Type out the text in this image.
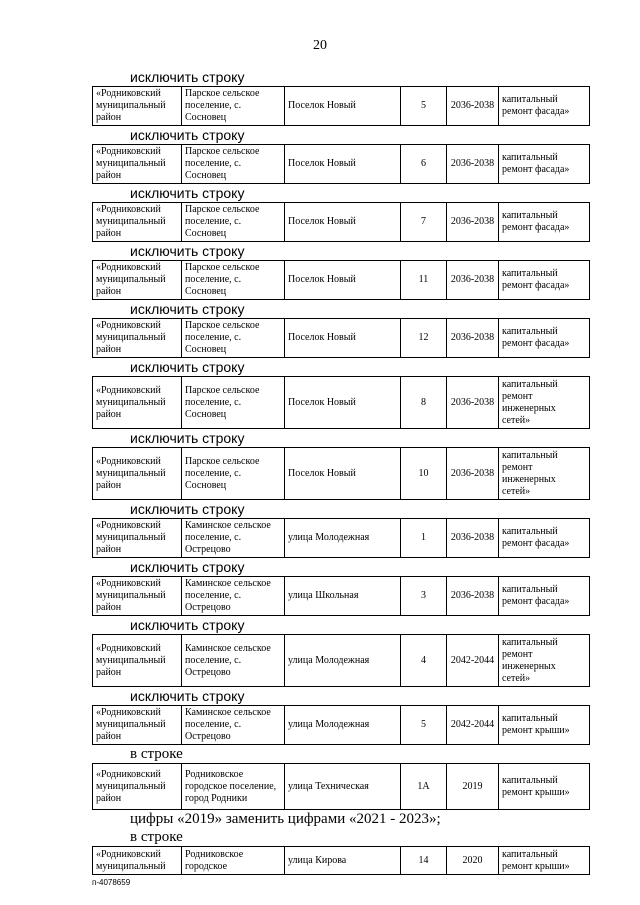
20
исключить строку
«Родниковский муниципальный район	Парское сельское поселение, с. Сосновец	Поселок Новый	5	2036-2038	капитальный ремонт фасада»
исключить строку
«Родниковский муниципальный район	Парское сельское поселение, с. Сосновец	Поселок Новый	6	2036-2038	капитальный ремонт фасада»
исключить строку
«Родниковский муниципальный район	Парское сельское поселение, с. Сосновец	Поселок Новый	7	2036-2038	капитальный ремонт фасада»
исключить строку
«Родниковский муниципальный район	Парское сельское поселение, с. Сосновец	Поселок Новый	11	2036-2038	капитальный ремонт фасада»
исключить строку
«Родниковский муниципальный район	Парское сельское поселение, с. Сосновец	Поселок Новый	12	2036-2038	капитальный ремонт фасада»
исключить строку
«Родниковский муниципальный район	Парское сельское поселение, с. Сосновец	Поселок Новый	8	2036-2038	капитальный ремонт инженерных сетей»
исключить строку
«Родниковский муниципальный район	Парское сельское поселение, с. Сосновец	Поселок Новый	10	2036-2038	капитальный ремонт инженерных сетей»
исключить строку
«Родниковский муниципальный район	Каминское сельское поселение, с. Острецово	улица Молодежная	1	2036-2038	капитальный ремонт фасада»
исключить строку
«Родниковский муниципальный район	Каминское сельское поселение, с. Острецово	улица Школьная	3	2036-2038	капитальный ремонт фасада»
исключить строку
«Родниковский муниципальный район	Каминское сельское поселение, с. Острецово	улица Молодежная	4	2042-2044	капитальный ремонт инженерных сетей»
исключить строку
«Родниковский муниципальный район	Каминское сельское поселение, с. Острецово	улица Молодежная	5	2042-2044	капитальный ремонт крыши»
в строке
«Родниковский муниципальный район	Родниковское городское поселение, город Родники	улица Техническая	1А	2019	капитальный ремонт крыши»
цифры «2019» заменить цифрами «2021 - 2023»;
в строке
«Родниковский муниципальный	Родниковское городское	улица Кирова	14	2020	капитальный ремонт крыши»
п-4078659
